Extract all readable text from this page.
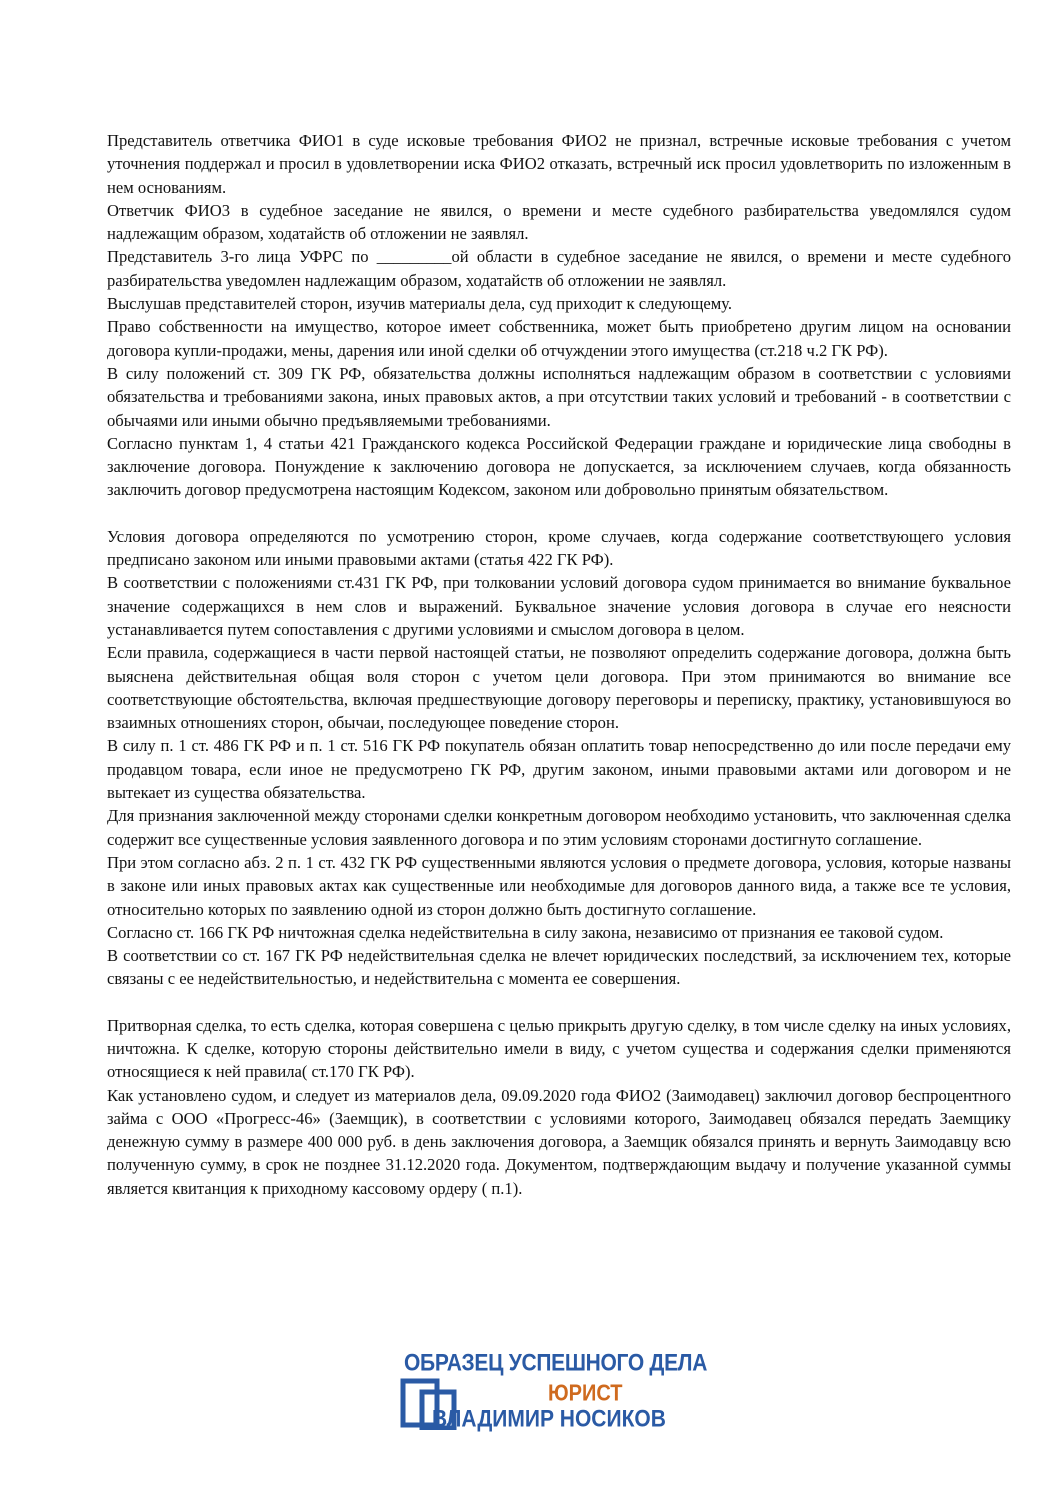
Представитель ответчика ФИО1 в суде исковые требования ФИО2 не признал, встречные исковые требования с учетом уточнения поддержал и просил в удовлетворении иска ФИО2 отказать, встречный иск просил удовлетворить по изложенным в нем основаниям.

Ответчик ФИО3 в судебное заседание не явился, о времени и месте судебного разбирательства уведомлялся судом надлежащим образом, ходатайств об отложении не заявлял.

Представитель 3-го лица УФРС по _________ой области в судебное заседание не явился, о времени и месте судебного разбирательства уведомлен надлежащим образом, ходатайств об отложении не заявлял.

Выслушав представителей сторон, изучив материалы дела, суд приходит к следующему.

Право собственности на имущество, которое имеет собственника, может быть приобретено другим лицом на основании договора купли-продажи, мены, дарения или иной сделки об отчуждении этого имущества (ст.218 ч.2 ГК РФ).

В силу положений ст. 309 ГК РФ, обязательства должны исполняться надлежащим образом в соответствии с условиями обязательства и требованиями закона, иных правовых актов, а при отсутствии таких условий и требований - в соответствии с обычаями или иными обычно предъявляемыми требованиями.

Согласно пунктам 1, 4 статьи 421 Гражданского кодекса Российской Федерации граждане и юридические лица свободны в заключение договора. Понуждение к заключению договора не допускается, за исключением случаев, когда обязанность заключить договор предусмотрена настоящим Кодексом, законом или добровольно принятым обязательством.

Условия договора определяются по усмотрению сторон, кроме случаев, когда содержание соответствующего условия предписано законом или иными правовыми актами (статья 422 ГК РФ).

В соответствии с положениями ст.431 ГК РФ, при толковании условий договора судом принимается во внимание буквальное значение содержащихся в нем слов и выражений. Буквальное значение условия договора в случае его неясности устанавливается путем сопоставления с другими условиями и смыслом договора в целом.

Если правила, содержащиеся в части первой настоящей статьи, не позволяют определить содержание договора, должна быть выяснена действительная общая воля сторон с учетом цели договора. При этом принимаются во внимание все соответствующие обстоятельства, включая предшествующие договору переговоры и переписку, практику, установившуюся во взаимных отношениях сторон, обычаи, последующее поведение сторон.

В силу п. 1 ст. 486 ГК РФ и п. 1 ст. 516 ГК РФ покупатель обязан оплатить товар непосредственно до или после передачи ему продавцом товара, если иное не предусмотрено ГК РФ, другим законом, иными правовыми актами или договором и не вытекает из существа обязательства.

Для признания заключенной между сторонами сделки конкретным договором необходимо установить, что заключенная сделка содержит все существенные условия заявленного договора и по этим условиям сторонами достигнуто соглашение.

При этом согласно абз. 2 п. 1 ст. 432 ГК РФ существенными являются условия о предмете договора, условия, которые названы в законе или иных правовых актах как существенные или необходимые для договоров данного вида, а также все те условия, относительно которых по заявлению одной из сторон должно быть достигнуто соглашение.

Согласно ст. 166 ГК РФ ничтожная сделка недействительна в силу закона, независимо от признания ее таковой судом.

В соответствии со ст. 167 ГК РФ недействительная сделка не влечет юридических последствий, за исключением тех, которые связаны с ее недействительностью, и недействительна с момента ее совершения.

Притворная сделка, то есть сделка, которая совершена с целью прикрыть другую сделку, в том числе сделку на иных условиях, ничтожна. К сделке, которую стороны действительно имели в виду, с учетом существа и содержания сделки применяются относящиеся к ней правила( ст.170 ГК РФ).

Как установлено судом, и следует из материалов дела, 09.09.2020 года ФИО2 (Заимодавец) заключил договор беспроцентного займа с ООО «Прогресс-46» (Заемщик), в соответствии с условиями которого, Заимодавец обязался передать Заемщику денежную сумму в размере 400 000 руб. в день заключения договора, а Заемщик обязался принять и вернуть Заимодавцу всю полученную сумму, в срок не позднее 31.12.2020 года. Документом, подтверждающим выдачу и получение указанной суммы является квитанция к приходному кассовому ордеру ( п.1).

ОБРАЗЕЦ УСПЕШНОГО ДЕЛА
ЮРИСТ
ВЛАДИМИР НОСИКОВ
